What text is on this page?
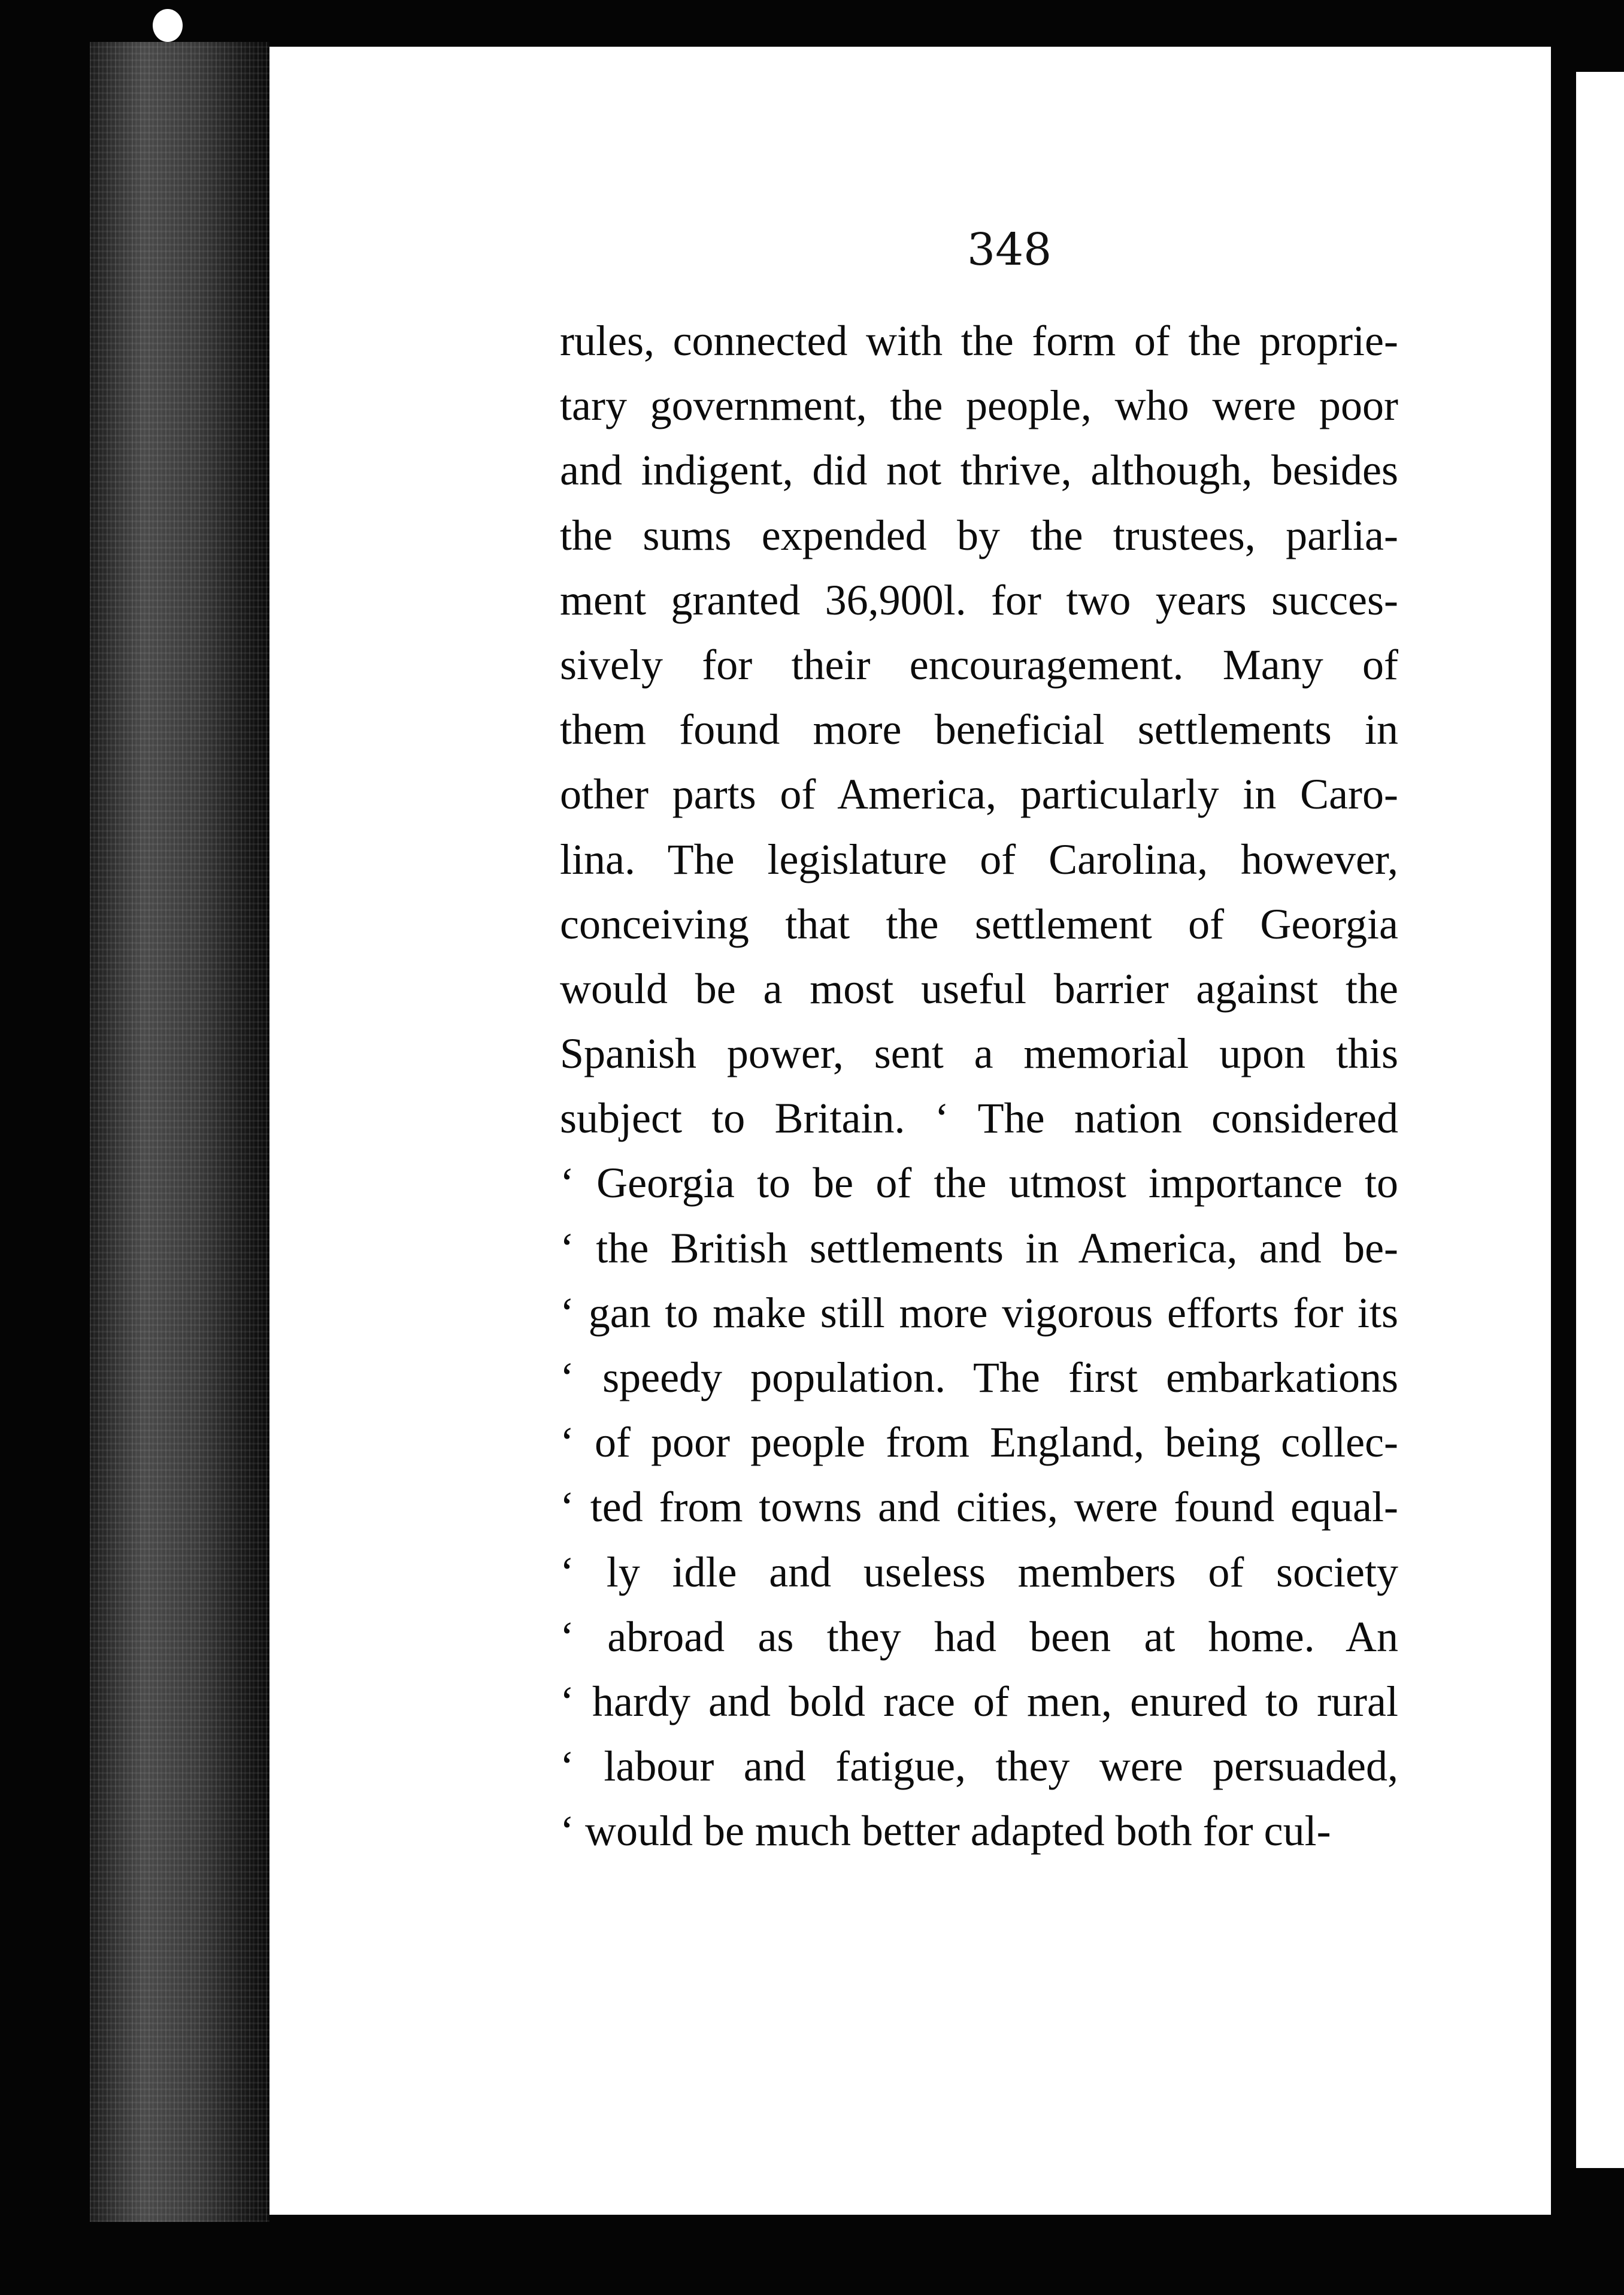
348

rules, connected with the form of the proprie-
tary government, the people, who were poor
and indigent, did not thrive, although, besides
the sums expended by the trustees, parlia-
ment granted 36,900l. for two years succes-
sively for their encouragement. Many of
them found more beneficial settlements in
other parts of America, particularly in Caro-
lina. The legislature of Carolina, however,
conceiving that the settlement of Georgia
would be a most useful barrier against the
Spanish power, sent a memorial upon this
subject to Britain. ‘ The nation considered
‘ Georgia to be of the utmost importance to
‘ the British settlements in America, and be-
‘ gan to make still more vigorous efforts for its
‘ speedy population. The first embarkations
‘ of poor people from England, being collec-
‘ ted from towns and cities, were found equal-
‘ ly idle and useless members of society
‘ abroad as they had been at home. An
‘ hardy and bold race of men, enured to rural
‘ labour and fatigue, they were persuaded,
‘ would be much better adapted both for cul-
